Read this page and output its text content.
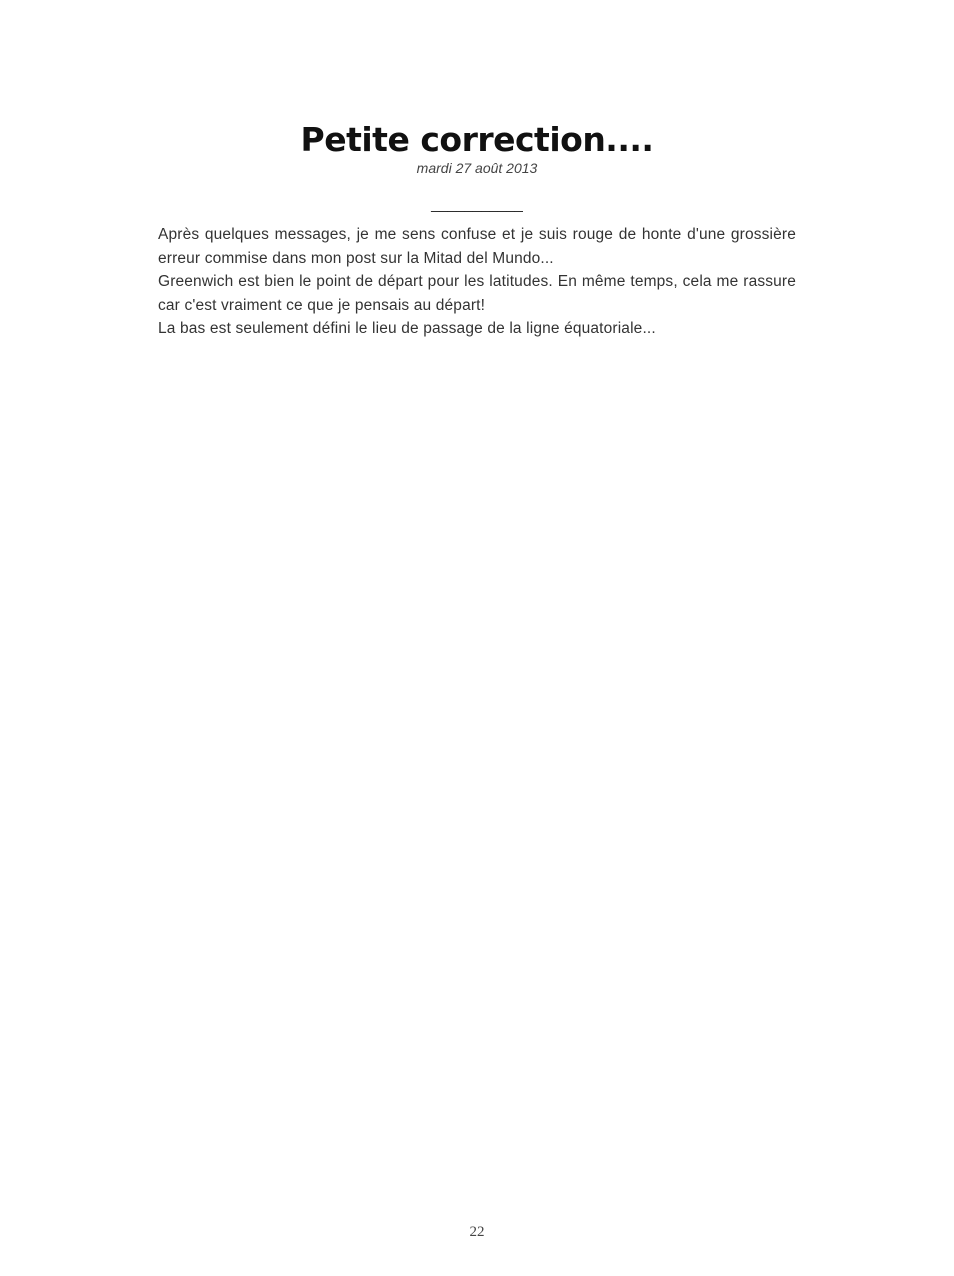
Petite correction....
mardi 27 août 2013
___________

Après quelques messages, je me sens confuse et je suis rouge de honte d'une grossière erreur commise dans mon post sur la Mitad del Mundo...

Greenwich est bien le point de départ pour les latitudes. En même temps, cela me rassure car c'est vraiment ce que je pensais au départ!

La bas est seulement défini le lieu de passage de la ligne équatoriale...

22
